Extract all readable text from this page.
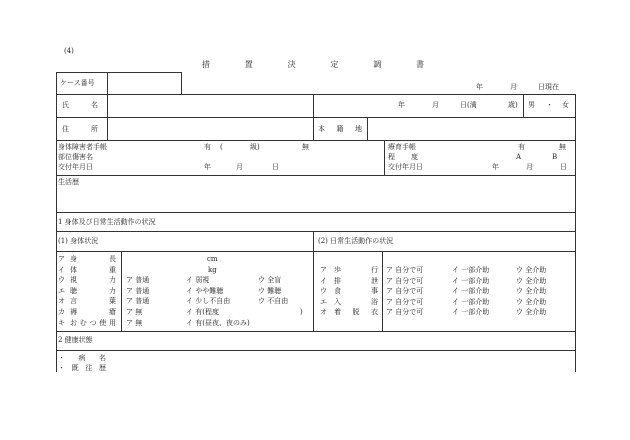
(4)
措	置	決	定	調	書
ケース番号	年	月	日現在
氏	名	年	月	日(満	歳) 男 ・ 女
住	所	本 籍 地
身体障害者手帳	有 (	級)	無
部位傷害名
交付年月日	年	月	日
療育手帳	有	無
程 度	A	B
交付年月日	年	月	日
生活歴
1 身体及び日常生活動作の状況
(1) 身体状況	(2) 日常生活動作の状況
ア 身	長	cm
イ 体	重	kg
ウ 視	力 ア 普通	イ 弱視	ウ 全盲
エ 聴	力 ア 普通	イ やや難聴	ウ 難聴
オ 言	葉 ア 普通	イ 少し不自由	ウ 不自由
カ 褥	瘡 ア 無	イ 有(程度	)
キ お む つ 使 用 ア 無	イ 有(昼夜、夜のみ)
ア 歩	行 ア 自分で可	イ 一部介助	ウ 全介助
イ 排	泄 ア 自分で可	イ 一部介助	ウ 全介助
ウ 食	事 ア 自分で可	イ 一部介助	ウ 全介助
エ 入	浴 ア 自分で可	イ 一部介助	ウ 全介助
オ 着 脱 衣 ア 自分で可	イ 一部介助	ウ 全介助
2 健康状態
・ 病 名
・ 既 往 歴
